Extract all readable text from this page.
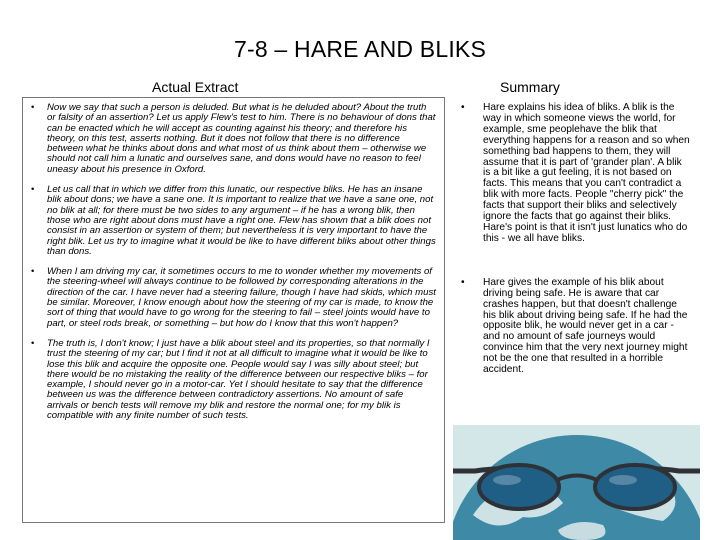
7-8 – HARE AND BLIKS
Actual Extract	Summary
• Now we say that such a person is deluded. But what is he deluded about? About the truth or falsity of an assertion? Let us apply Flew's test to him. There is no behaviour of dons that can be enacted which he will accept as counting against his theory; and therefore his theory, on this test, asserts nothing. But it does not follow that there is no difference between what he thinks about dons and what most of us think about them – otherwise we should not call him a lunatic and ourselves sane, and dons would have no reason to feel uneasy about his presence in Oxford.
• Let us call that in which we differ from this lunatic, our respective bliks. He has an insane blik about dons; we have a sane one. It is important to realize that we have a sane one, not no blik at all; for there must be two sides to any argument – if he has a wrong blik, then those who are right about dons must have a right one. Flew has shown that a blik does not consist in an assertion or system of them; but nevertheless it is very important to have the right blik. Let us try to imagine what it would be like to have different bliks about other things than dons.
• When I am driving my car, it sometimes occurs to me to wonder whether my movements of the steering-wheel will always continue to be followed by corresponding alterations in the direction of the car. I have never had a steering failure, though I have had skids, which must be similar. Moreover, I know enough about how the steering of my car is made, to know the sort of thing that would have to go wrong for the steering to fail – steel joints would have to part, or steel rods break, or something – but how do I know that this won't happen?
• The truth is, I don't know; I just have a blik about steel and its properties, so that normally I trust the steering of my car; but I find it not at all difficult to imagine what it would be like to lose this blik and acquire the opposite one. People would say I was silly about steel; but there would be no mistaking the reality of the difference between our respective bliks – for example, I should never go in a motor-car. Yet I should hesitate to say that the difference between us was the difference between contradictory assertions. No amount of safe arrivals or bench tests will remove my blik and restore the normal one; for my blik is compatible with any finite number of such tests.
• Hare explains his idea of bliks. A blik is the way in which someone views the world, for example, sme peoplehave the blik that everything happens for a reason and so when something bad happens to them, they will assume that it is part of 'grander plan'. A blik is a bit like a gut feeling, it is not based on facts. This means that you can't contradict a blik with more facts. People "cherry pick" the facts that support their bliks and selectively ignore the facts that go against their bliks. Hare's point is that it isn't just lunatics who do this - we all have bliks.
• Hare gives the example of his blik about driving being safe. He is aware that car crashes happen, but that doesn't challenge his blik about driving being safe. If he had the opposite blik, he would never get in a car - and no amount of safe journeys would convince him that the very next journey might not be the one that resulted in a horrible accident.
